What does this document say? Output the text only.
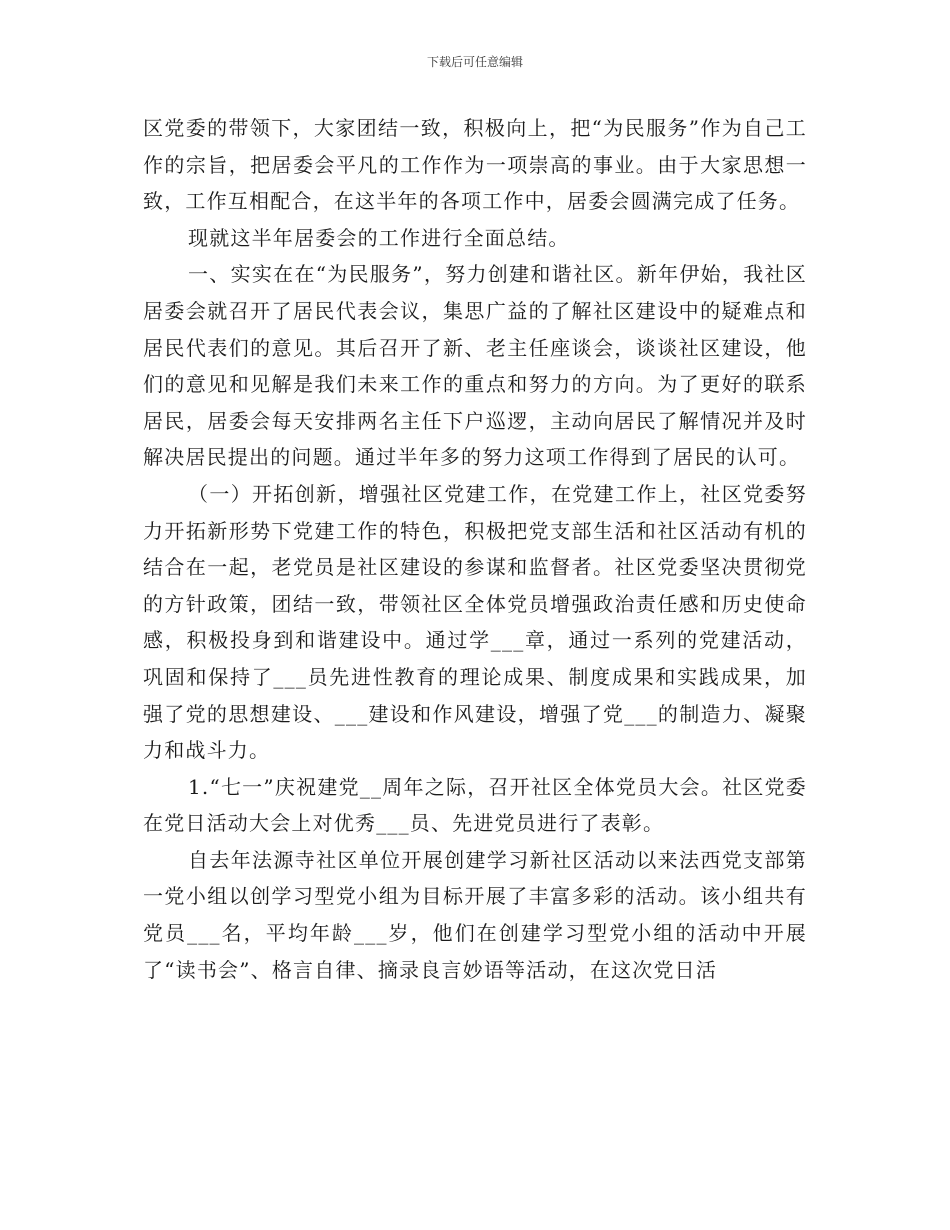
下载后可任意编辑

区党委的带领下，大家团结一致，积极向上，把“为民服务”作为自己工作的宗旨，把居委会平凡的工作作为一项崇高的事业。由于大家思想一致，工作互相配合，在这半年的各项工作中，居委会圆满完成了任务。

现就这半年居委会的工作进行全面总结。

一、实实在在“为民服务”，努力创建和谐社区。新年伊始，我社区居委会就召开了居民代表会议，集思广益的了解社区建设中的疑难点和居民代表们的意见。其后召开了新、老主任座谈会，谈谈社区建设，他们的意见和见解是我们未来工作的重点和努力的方向。为了更好的联系居民，居委会每天安排两名主任下户巡逻，主动向居民了解情况并及时解决居民提出的问题。通过半年多的努力这项工作得到了居民的认可。

（一）开拓创新，增强社区党建工作，在党建工作上，社区党委努力开拓新形势下党建工作的特色，积极把党支部生活和社区活动有机的结合在一起，老党员是社区建设的参谋和监督者。社区党委坚决贯彻党的方针政策，团结一致，带领社区全体党员增强政治责任感和历史使命感，积极投身到和谐建设中。通过学___章，通过一系列的党建活动，巩固和保持了___员先进性教育的理论成果、制度成果和实践成果，加强了党的思想建设、___建设和作风建设，增强了党___的制造力、凝聚力和战斗力。

1.“七一”庆祝建党__周年之际，召开社区全体党员大会。社区党委在党日活动大会上对优秀___员、先进党员进行了表彰。

自去年法源寺社区单位开展创建学习新社区活动以来法西党支部第一党小组以创学习型党小组为目标开展了丰富多彩的活动。该小组共有党员___名，平均年龄___岁，他们在创建学习型党小组的活动中开展了“读书会”、格言自律、摘录良言妙语等活动，在这次党日活
